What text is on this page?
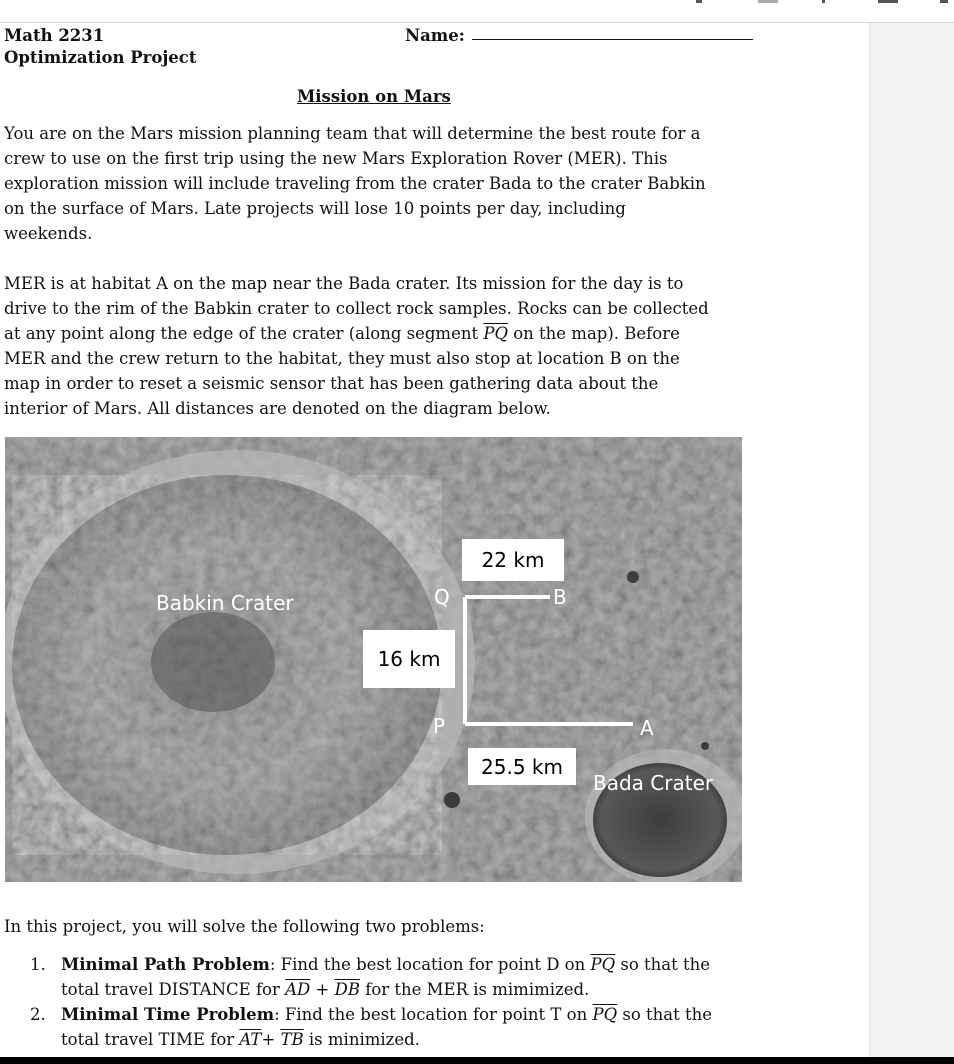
Math 2231	Name:
Optimization Project
Mission on Mars
You are on the Mars mission planning team that will determine the best route for a
crew to use on the first trip using the new Mars Exploration Rover (MER). This
exploration mission will include traveling from the crater Bada to the crater Babkin
on the surface of Mars. Late projects will lose 10 points per day, including
weekends.
MER is at habitat A on the map near the Bada crater. Its mission for the day is to
drive to the rim of the Babkin crater to collect rock samples. Rocks can be collected
at any point along the edge of the crater (along segment $\overline{PQ}$ on the map). Before
MER and the crew return to the habitat, they must also stop at location B on the
map in order to reset a seismic sensor that has been gathering data about the
interior of Mars. All distances are denoted on the diagram below.
Babkin Crater
Bada Crater
Q	B
P	A
22 km
16 km
25.5 km
In this project, you will solve the following two problems:
1. Minimal Path Problem: Find the best location for point D on $\overline{PQ}$ so that the
total travel DISTANCE for $\overline{AD} + \overline{DB}$ for the MER is mimimized.
2. Minimal Time Problem: Find the best location for point T on $\overline{PQ}$ so that the
total travel TIME for $\overline{AT}+ \overline{TB}$ is minimized.
